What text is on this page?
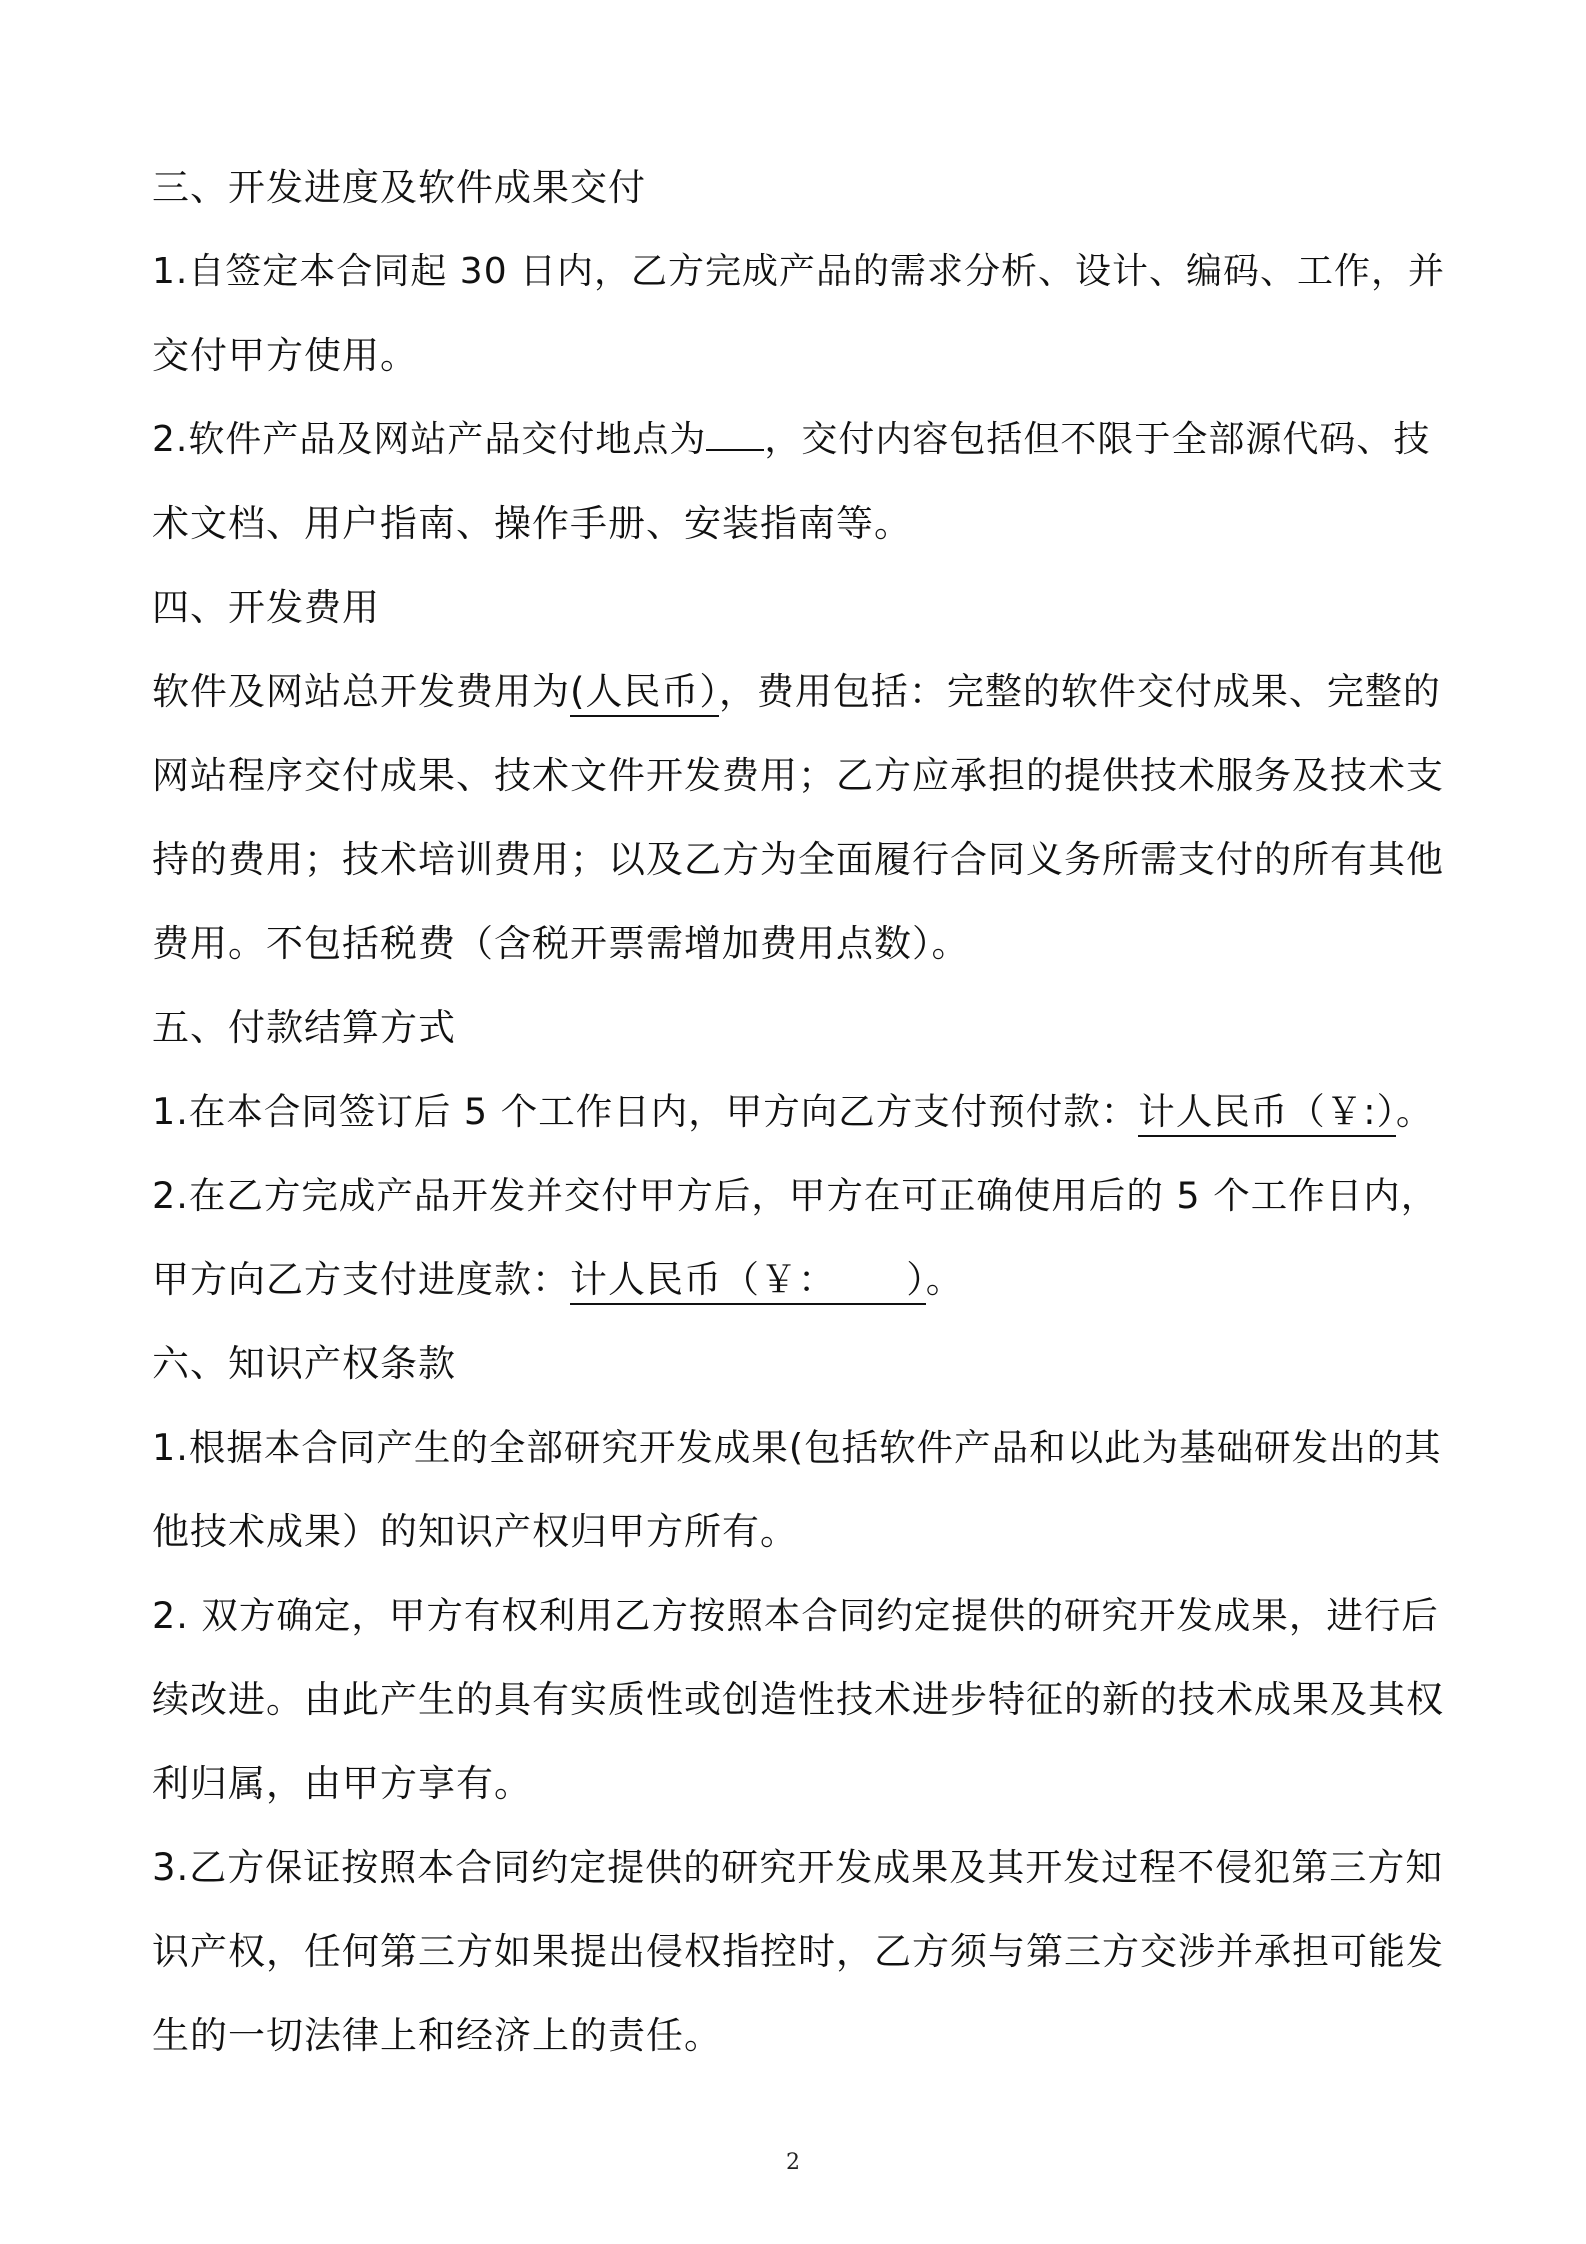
三、开发进度及软件成果交付

1.自签定本合同起 30 日内，乙方完成产品的需求分析、设计、编码、工作，并

交付甲方使用。

2.软件产品及网站产品交付地点为 ，交付内容包括但不限于全部源代码、技

术文档、用户指南、操作手册、安装指南等。

四、开发费用

软件及网站总开发费用为(人民币），费用包括：完整的软件交付成果、完整的

网站程序交付成果、技术文件开发费用；乙方应承担的提供技术服务及技术支

持的费用；技术培训费用；以及乙方为全面履行合同义务所需支付的所有其他

费用。不包括税费（含税开票需增加费用点数）。

五、付款结算方式

1.在本合同签订后 5 个工作日内，甲方向乙方支付预付款：计人民币（￥:）。

2.在乙方完成产品开发并交付甲方后，甲方在可正确使用后的 5 个工作日内，

甲方向乙方支付进度款：计人民币（￥：　　 ）。

六、知识产权条款

1.根据本合同产生的全部研究开发成果(包括软件产品和以此为基础研发出的其

他技术成果）的知识产权归甲方所有。

2. 双方确定，甲方有权利用乙方按照本合同约定提供的研究开发成果，进行后

续改进。由此产生的具有实质性或创造性技术进步特征的新的技术成果及其权

利归属，由甲方享有。

3.乙方保证按照本合同约定提供的研究开发成果及其开发过程不侵犯第三方知

识产权，任何第三方如果提出侵权指控时，乙方须与第三方交涉并承担可能发

生的一切法律上和经济上的责任。

2
